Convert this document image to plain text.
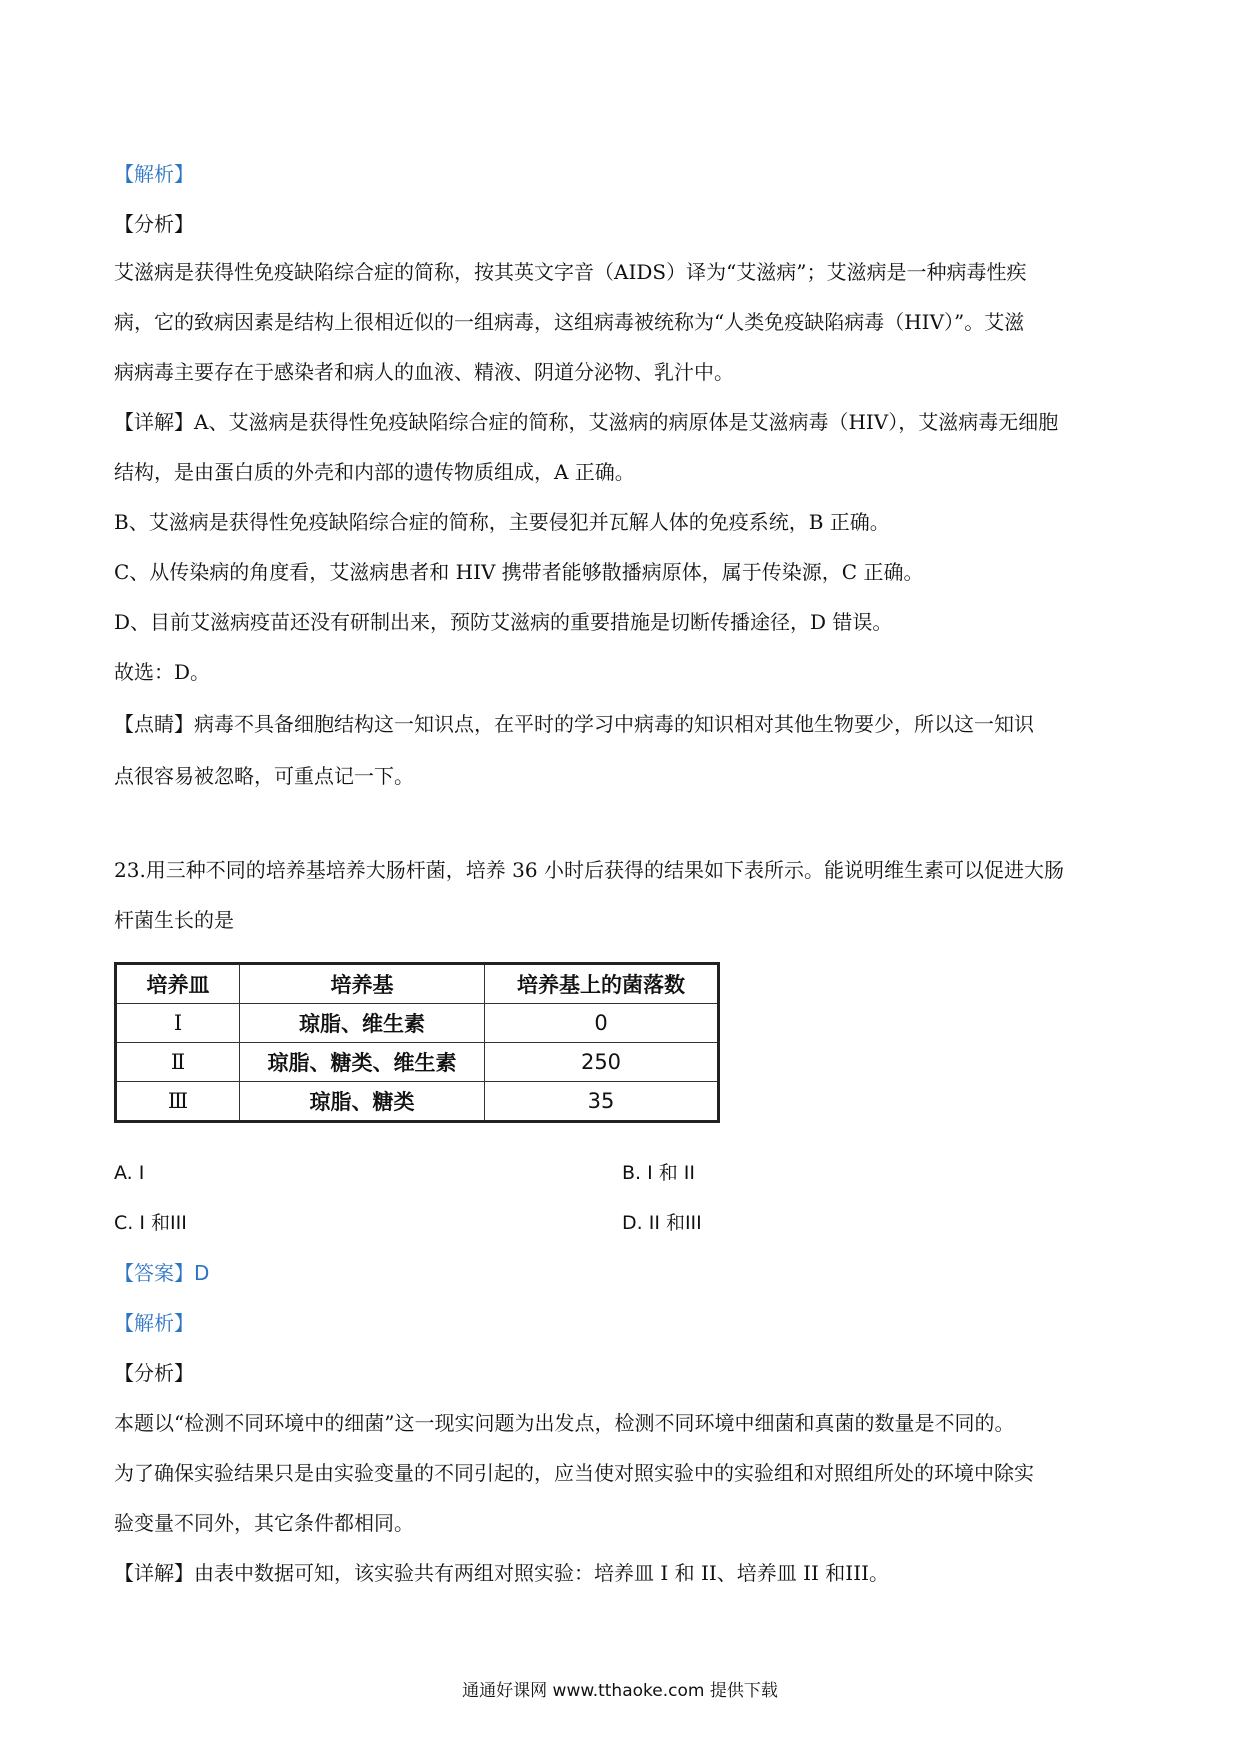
【解析】
【分析】
艾滋病是获得性免疫缺陷综合症的简称，按其英文字音（AIDS）译为“艾滋病”；艾滋病是一种病毒性疾
病，它的致病因素是结构上很相近似的一组病毒，这组病毒被统称为“人类免疫缺陷病毒（HIV）”。艾滋
病病毒主要存在于感染者和病人的血液、精液、阴道分泌物、乳汁中。
【详解】A、艾滋病是获得性免疫缺陷综合症的简称，艾滋病的病原体是艾滋病毒（HIV），艾滋病毒无细胞
结构，是由蛋白质的外壳和内部的遗传物质组成，A 正确。
B、艾滋病是获得性免疫缺陷综合症的简称，主要侵犯并瓦解人体的免疫系统，B 正确。
C、从传染病的角度看，艾滋病患者和 HIV 携带者能够散播病原体，属于传染源，C 正确。
D、目前艾滋病疫苗还没有研制出来，预防艾滋病的重要措施是切断传播途径，D 错误。
故选：D。
【点睛】病毒不具备细胞结构这一知识点，在平时的学习中病毒的知识相对其他生物要少，所以这一知识
点很容易被忽略，可重点记一下。
23.用三种不同的培养基培养大肠杆菌，培养 36 小时后获得的结果如下表所示。能说明维生素可以促进大肠
杆菌生长的是
培养皿	培养基	培养基上的菌落数
Ⅰ	琼脂、维生素	0
Ⅱ	琼脂、糖类、维生素	250
Ⅲ	琼脂、糖类	35
A. I	B. I 和 II
C. I 和III	D. II 和III
【答案】D
【解析】
【分析】
本题以“检测不同环境中的细菌”这一现实问题为出发点，检测不同环境中细菌和真菌的数量是不同的。
为了确保实验结果只是由实验变量的不同引起的，应当使对照实验中的实验组和对照组所处的环境中除实
验变量不同外，其它条件都相同。
【详解】由表中数据可知，该实验共有两组对照实验：培养皿 I 和 II、培养皿 II 和III。
通通好课网 www.tthaoke.com 提供下载
